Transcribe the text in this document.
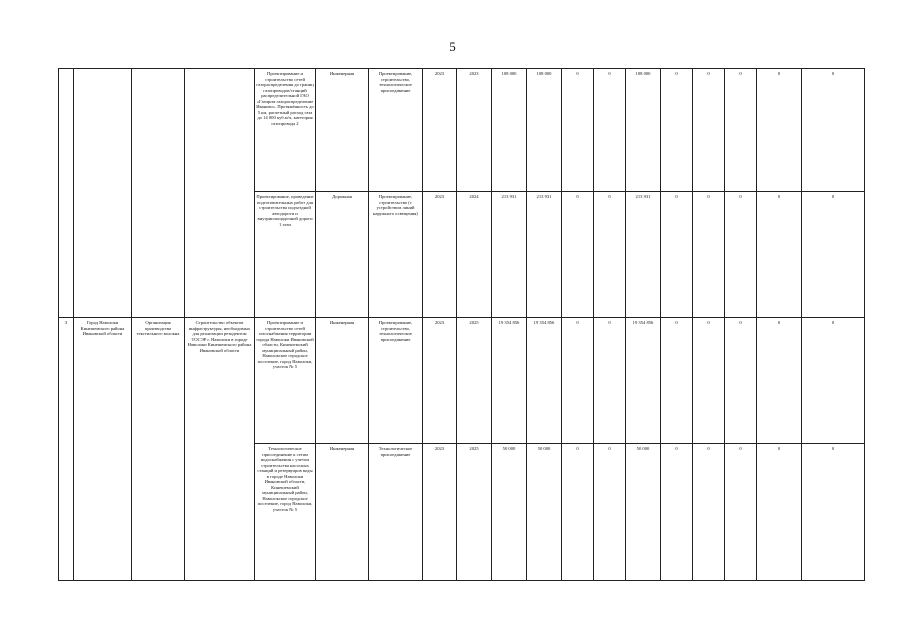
5
				Проектирование и строительство сетей газораспределения до границ газопроводов/станций распределительной ГАО «Газпром газораспределение Иваново». Протяжённость до 5 км, расчетный расход газа до 14 000 куб.м/ч, категория газопровода 2	Инженерная	Проектирование, строительство, технологическое присоединение	2023	2023	108 000	108 000	0	0	108 000	0	0	0	0	0
				Проектирование, проведение подготовительных работ для строительства подъездной автодороги и внутриплощадочной дороги 1 этап	Дорожная	Проектирование, строительство (с устройством линий наружного освещения)	2023	2024	213 931	213 931	0	0	213 931	0	0	0	0	0
3	Город Наволоки Кинешемского района Ивановской области	Организация производства текстильного волокна	Строительство объектов инфраструктуры, необходимых для реализации резидентом ТОСЭР г. Наволоки в городе Наволоки Кинешемского района Ивановской области	Проектирование и строительство сетей газоснабжения территории города Наволоки Ивановской области, Кинешемский муниципальный район, Наволокское городское поселение, город Наволоки, участок № 5	Инженерная	Проектирование, строительство, технологическое присоединение	2023	2025	19 354 856	19 354 856	0	0	19 354 856	0	0	0	0	0
				Технологическое присоединение к сетям водоснабжения с учетом строительства насосных станций и резервуаров воды в городе Наволоки Ивановской области, Кинешемский муниципальный район, Наволокское городское поселение, город Наволоки, участок № 5	Инженерная	Технологическое присоединение	2023	2025	50 000	50 000	0	0	50 000	0	0	0	0	0
